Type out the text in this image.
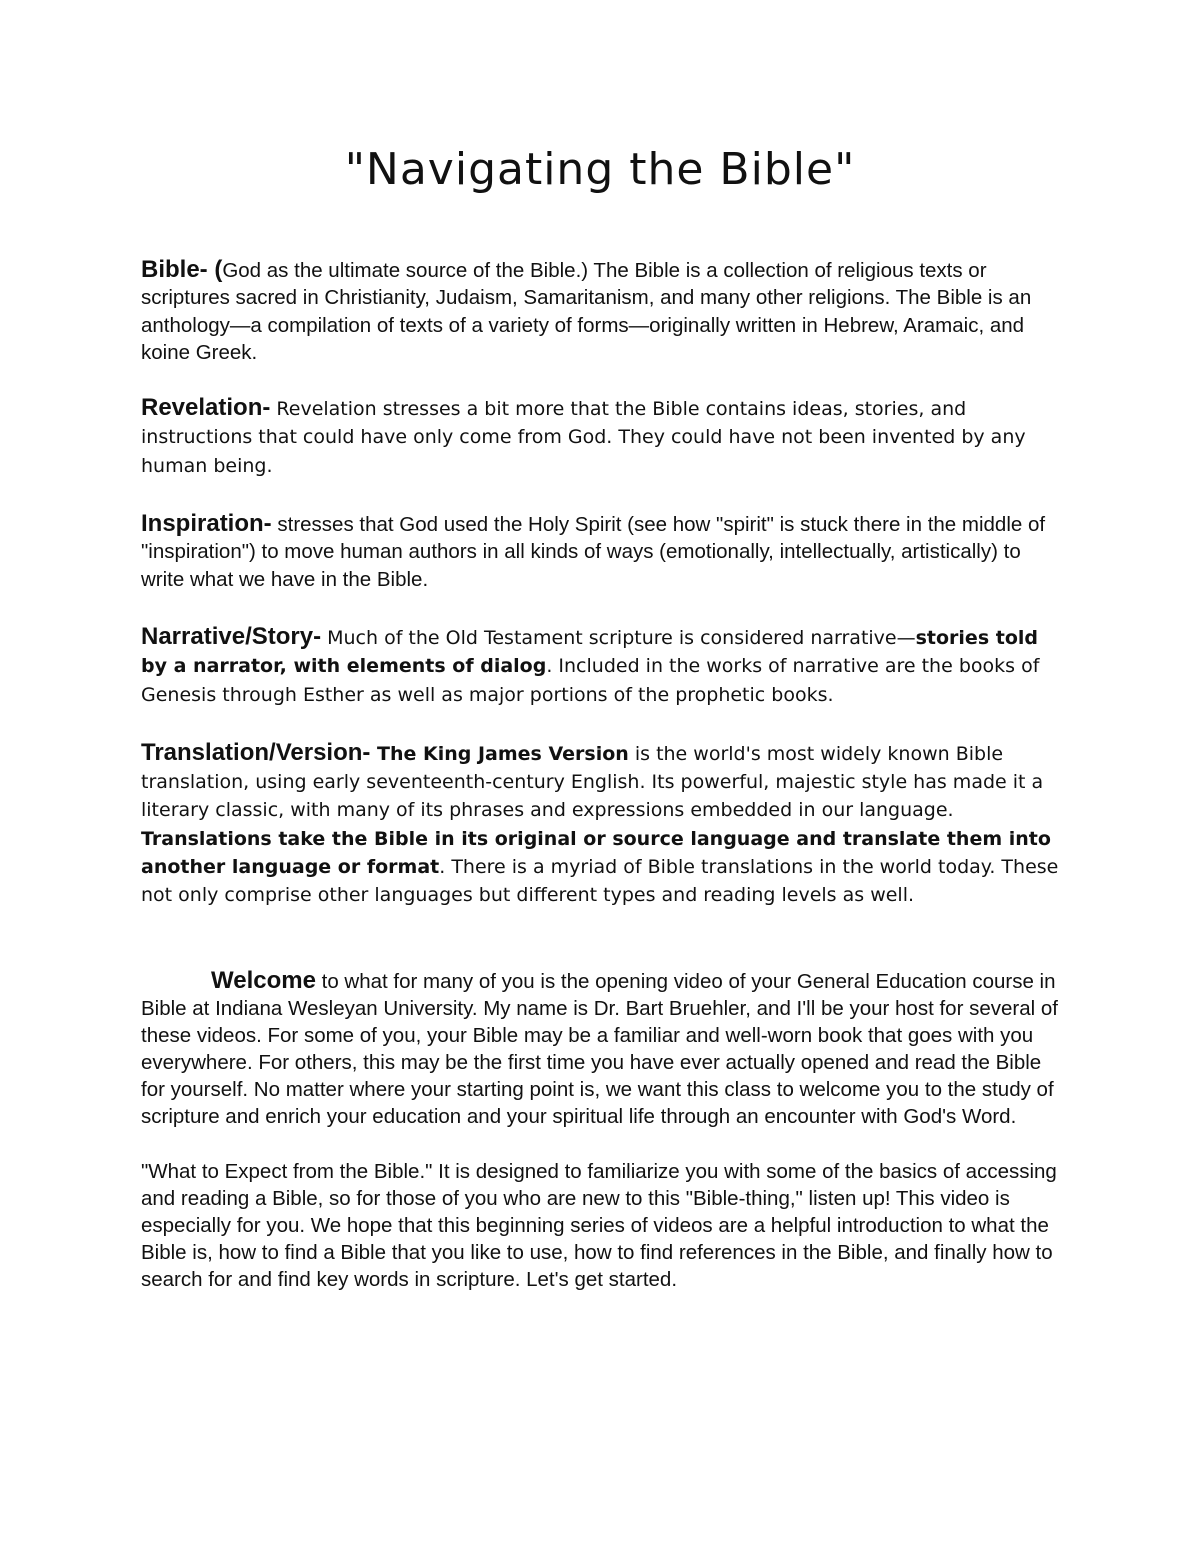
"Navigating the Bible"

Bible- (God as the ultimate source of the Bible.) The Bible is a collection of religious texts or scriptures sacred in Christianity, Judaism, Samaritanism, and many other religions. The Bible is an anthology—a compilation of texts of a variety of forms—originally written in Hebrew, Aramaic, and koine Greek.

Revelation- Revelation stresses a bit more that the Bible contains ideas, stories, and instructions that could have only come from God. They could have not been invented by any human being.

Inspiration- stresses that God used the Holy Spirit (see how "spirit" is stuck there in the middle of "inspiration") to move human authors in all kinds of ways (emotionally, intellectually, artistically) to write what we have in the Bible.

Narrative/Story- Much of the Old Testament scripture is considered narrative—stories told by a narrator, with elements of dialog. Included in the works of narrative are the books of Genesis through Esther as well as major portions of the prophetic books.

Translation/Version- The King James Version is the world's most widely known Bible translation, using early seventeenth-century English. Its powerful, majestic style has made it a literary classic, with many of its phrases and expressions embedded in our language. Translations take the Bible in its original or source language and translate them into another language or format. There is a myriad of Bible translations in the world today. These not only comprise other languages but different types and reading levels as well.

Welcome to what for many of you is the opening video of your General Education course in Bible at Indiana Wesleyan University. My name is Dr. Bart Bruehler, and I'll be your host for several of these videos. For some of you, your Bible may be a familiar and well-worn book that goes with you everywhere. For others, this may be the first time you have ever actually opened and read the Bible for yourself. No matter where your starting point is, we want this class to welcome you to the study of scripture and enrich your education and your spiritual life through an encounter with God's Word.

"What to Expect from the Bible." It is designed to familiarize you with some of the basics of accessing and reading a Bible, so for those of you who are new to this "Bible-thing," listen up! This video is especially for you. We hope that this beginning series of videos are a helpful introduction to what the Bible is, how to find a Bible that you like to use, how to find references in the Bible, and finally how to search for and find key words in scripture. Let's get started.
